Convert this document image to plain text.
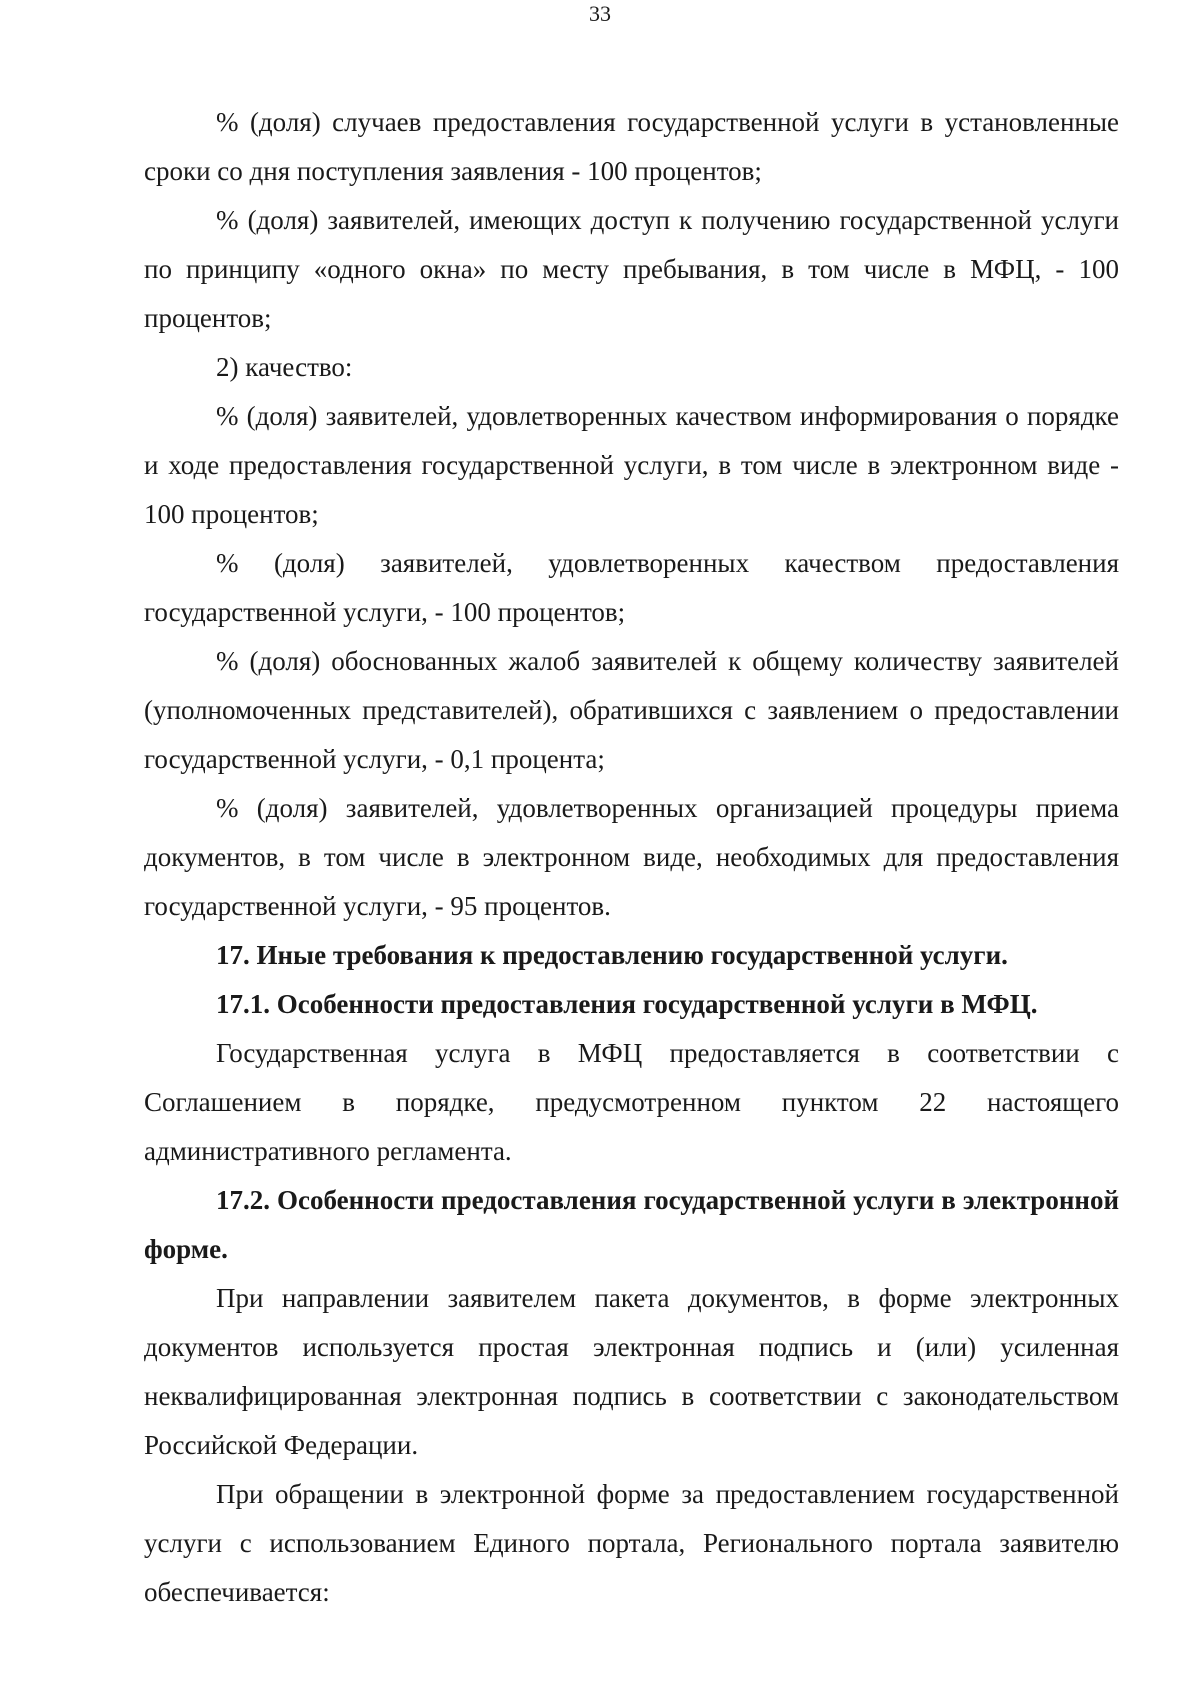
33

% (доля) случаев предоставления государственной услуги в установленные сроки со дня поступления заявления - 100 процентов;

% (доля) заявителей, имеющих доступ к получению государственной услуги по принципу «одного окна» по месту пребывания, в том числе в МФЦ, - 100 процентов;

2) качество:

% (доля) заявителей, удовлетворенных качеством информирования о порядке и ходе предоставления государственной услуги, в том числе в электронном виде - 100 процентов;

% (доля) заявителей, удовлетворенных качеством предоставления государственной услуги, - 100 процентов;

% (доля) обоснованных жалоб заявителей к общему количеству заявителей (уполномоченных представителей), обратившихся с заявлением о предоставлении государственной услуги, - 0,1 процента;

% (доля) заявителей, удовлетворенных организацией процедуры приема документов, в том числе в электронном виде, необходимых для предоставления государственной услуги, - 95 процентов.

17. Иные требования к предоставлению государственной услуги.

17.1. Особенности предоставления государственной услуги в МФЦ.

Государственная услуга в МФЦ предоставляется в соответствии с Соглашением в порядке, предусмотренном пунктом 22 настоящего административного регламента.

17.2. Особенности предоставления государственной услуги в электронной форме.

При направлении заявителем пакета документов, в форме электронных документов используется простая электронная подпись и (или) усиленная неквалифицированная электронная подпись в соответствии с законодательством Российской Федерации.

При обращении в электронной форме за предоставлением государственной услуги с использованием Единого портала, Регионального портала заявителю обеспечивается:
